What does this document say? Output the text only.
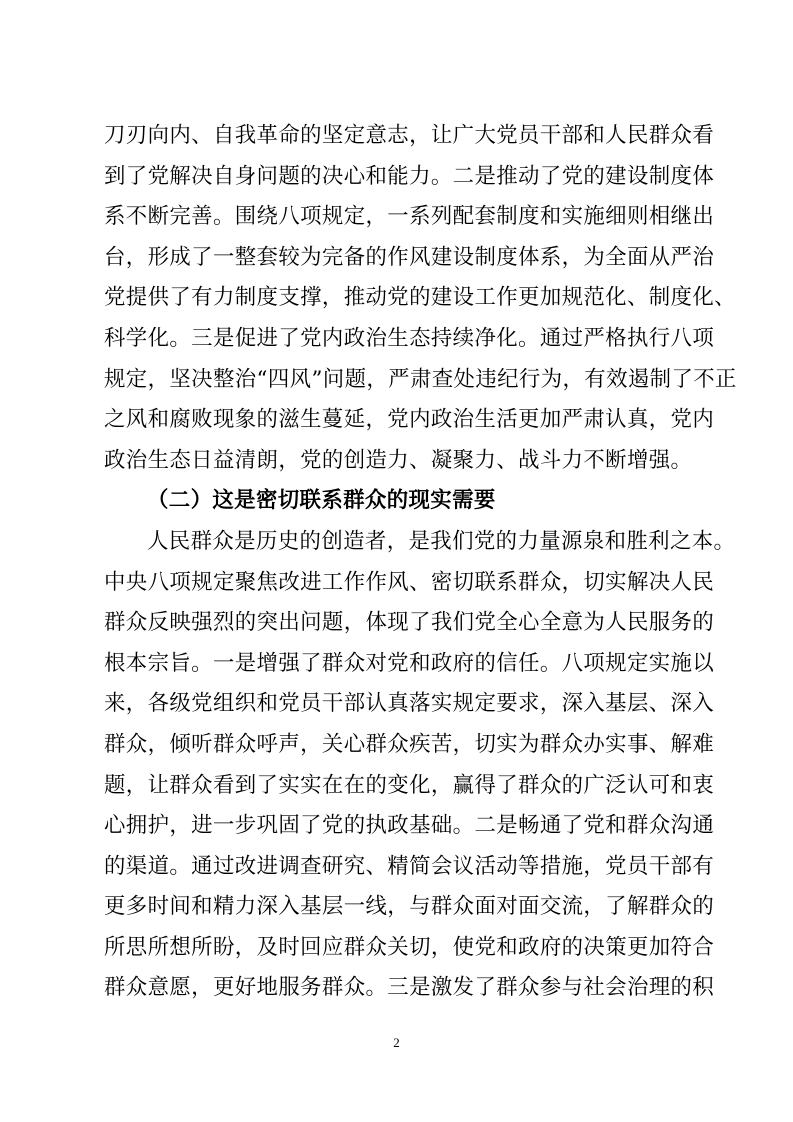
刀刃向内、自我革命的坚定意志，让广大党员干部和人民群众看
到了党解决自身问题的决心和能力。二是推动了党的建设制度体
系不断完善。围绕八项规定，一系列配套制度和实施细则相继出
台，形成了一整套较为完备的作风建设制度体系，为全面从严治
党提供了有力制度支撑，推动党的建设工作更加规范化、制度化、
科学化。三是促进了党内政治生态持续净化。通过严格执行八项
规定，坚决整治“四风”问题，严肃查处违纪行为，有效遏制了不正
之风和腐败现象的滋生蔓延，党内政治生活更加严肃认真，党内
政治生态日益清朗，党的创造力、凝聚力、战斗力不断增强。
（二）这是密切联系群众的现实需要
人民群众是历史的创造者，是我们党的力量源泉和胜利之本。
中央八项规定聚焦改进工作作风、密切联系群众，切实解决人民
群众反映强烈的突出问题，体现了我们党全心全意为人民服务的
根本宗旨。一是增强了群众对党和政府的信任。八项规定实施以
来，各级党组织和党员干部认真落实规定要求，深入基层、深入
群众，倾听群众呼声，关心群众疾苦，切实为群众办实事、解难
题，让群众看到了实实在在的变化，赢得了群众的广泛认可和衷
心拥护，进一步巩固了党的执政基础。二是畅通了党和群众沟通
的渠道。通过改进调查研究、精简会议活动等措施，党员干部有
更多时间和精力深入基层一线，与群众面对面交流，了解群众的
所思所想所盼，及时回应群众关切，使党和政府的决策更加符合
群众意愿，更好地服务群众。三是激发了群众参与社会治理的积
2
